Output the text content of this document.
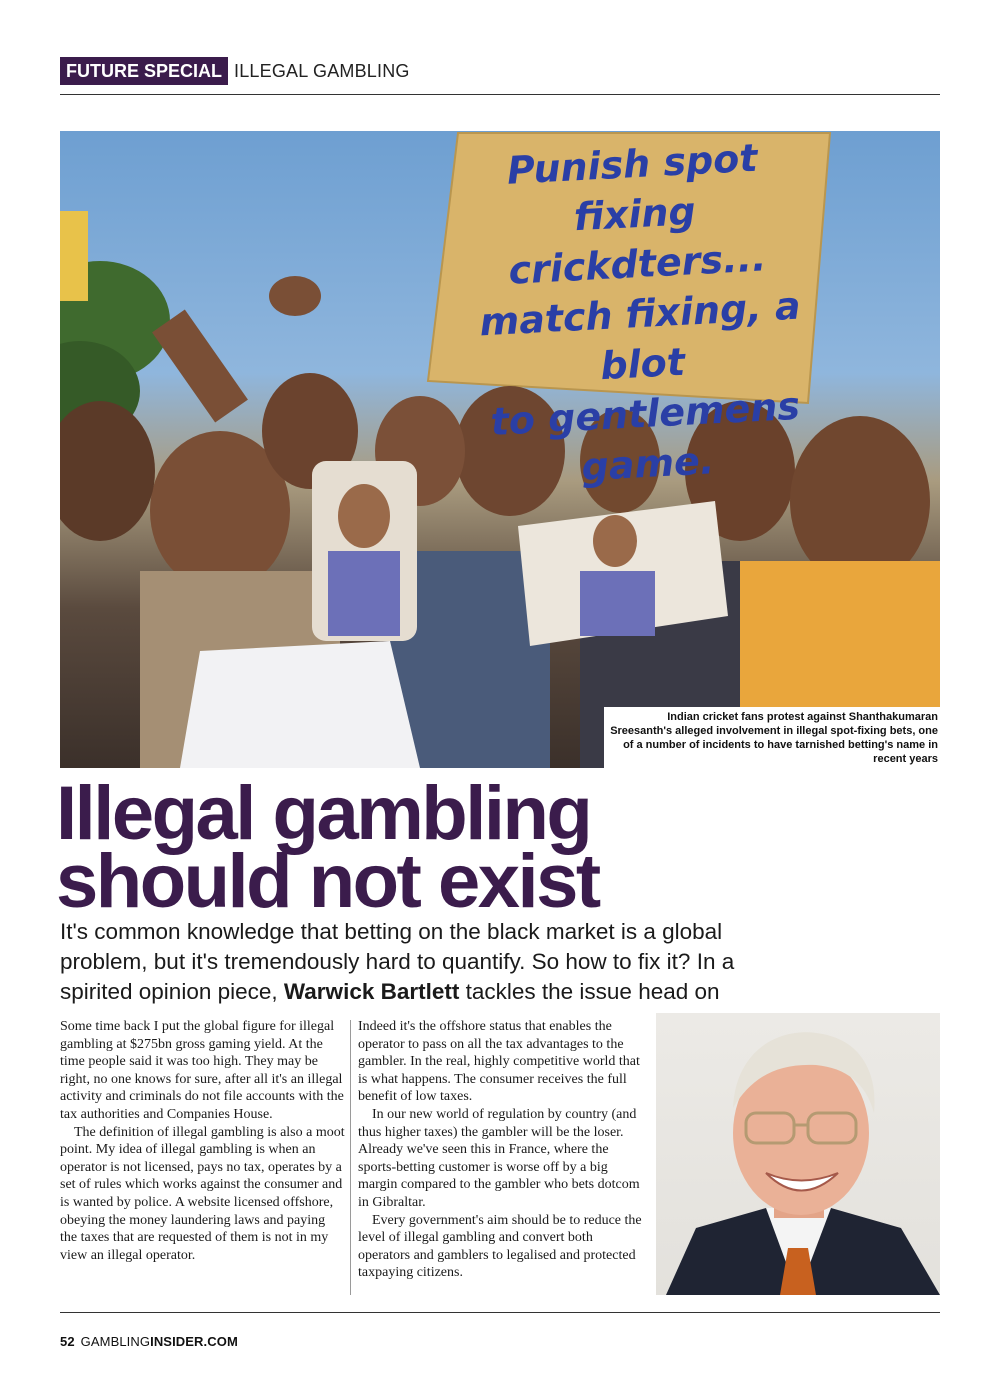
FUTURE SPECIAL ILLEGAL GAMBLING
Punish spot fixing
crickdters...
match fixing, a blot
to gentlemens
game.
Indian cricket fans protest against Shanthakumaran Sreesanth's alleged involvement in illegal spot-fixing bets, one of a number of incidents to have tarnished betting's name in recent years
Illegal gambling
should not exist

It's common knowledge that betting on the black market is a global problem, but it's tremendously hard to quantify. So how to fix it? In a spirited opinion piece, Warwick Bartlett tackles the issue head on

Some time back I put the global figure for illegal gambling at $275bn gross gaming yield. At the time people said it was too high. They may be right, no one knows for sure, after all it's an illegal activity and criminals do not file accounts with the tax authorities and Companies House.

The definition of illegal gambling is also a moot point. My idea of illegal gambling is when an operator is not licensed, pays no tax, operates by a set of rules which works against the consumer and is wanted by police. A website licensed offshore, obeying the money laundering laws and paying the taxes that are requested of them is not in my view an illegal operator.

Indeed it's the offshore status that enables the operator to pass on all the tax advantages to the gambler. In the real, highly competitive world that is what happens. The consumer receives the full benefit of low taxes.

In our new world of regulation by country (and thus higher taxes) the gambler will be the loser. Already we've seen this in France, where the sports-betting customer is worse off by a big margin compared to the gambler who bets dotcom in Gibraltar.

Every government's aim should be to reduce the level of illegal gambling and convert both operators and gamblers to legalised and protected taxpaying citizens.

52 GAMBLINGINSIDER.COM
